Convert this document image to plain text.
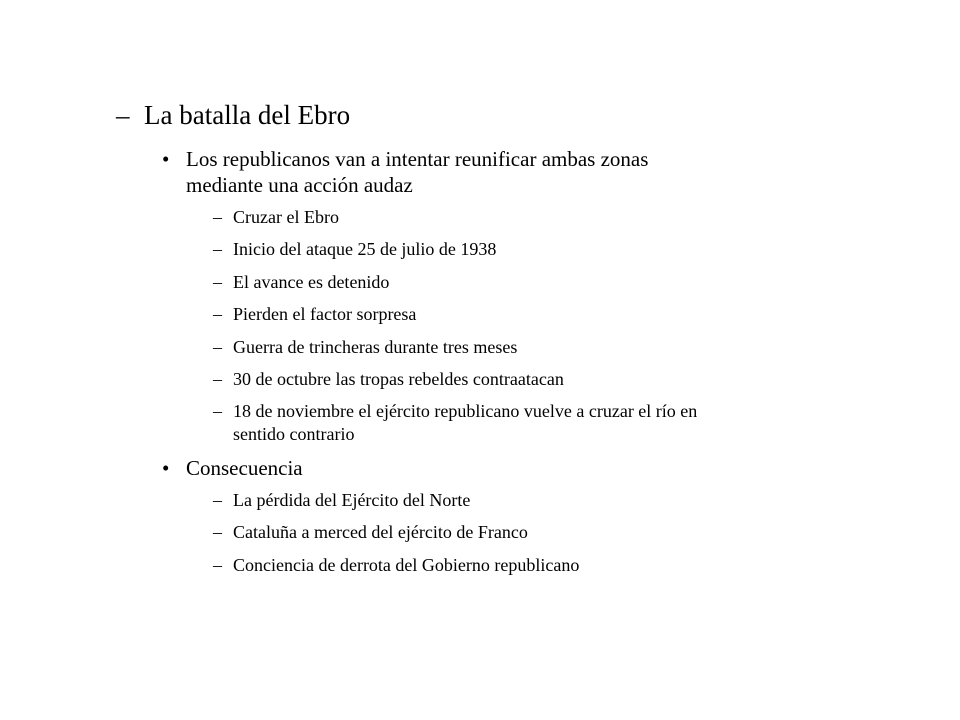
– La batalla del Ebro
• Los republicanos van a intentar reunificar ambas zonas
mediante una acción audaz
– Cruzar el Ebro
– Inicio del ataque 25 de julio de 1938
– El avance es detenido
– Pierden el factor sorpresa
– Guerra de trincheras durante tres meses
– 30 de octubre las tropas rebeldes contraatacan
– 18 de noviembre el ejército republicano vuelve a cruzar el río en
sentido contrario
• Consecuencia
– La pérdida del Ejército del Norte
– Cataluña a merced del ejército de Franco
– Conciencia de derrota del Gobierno republicano
